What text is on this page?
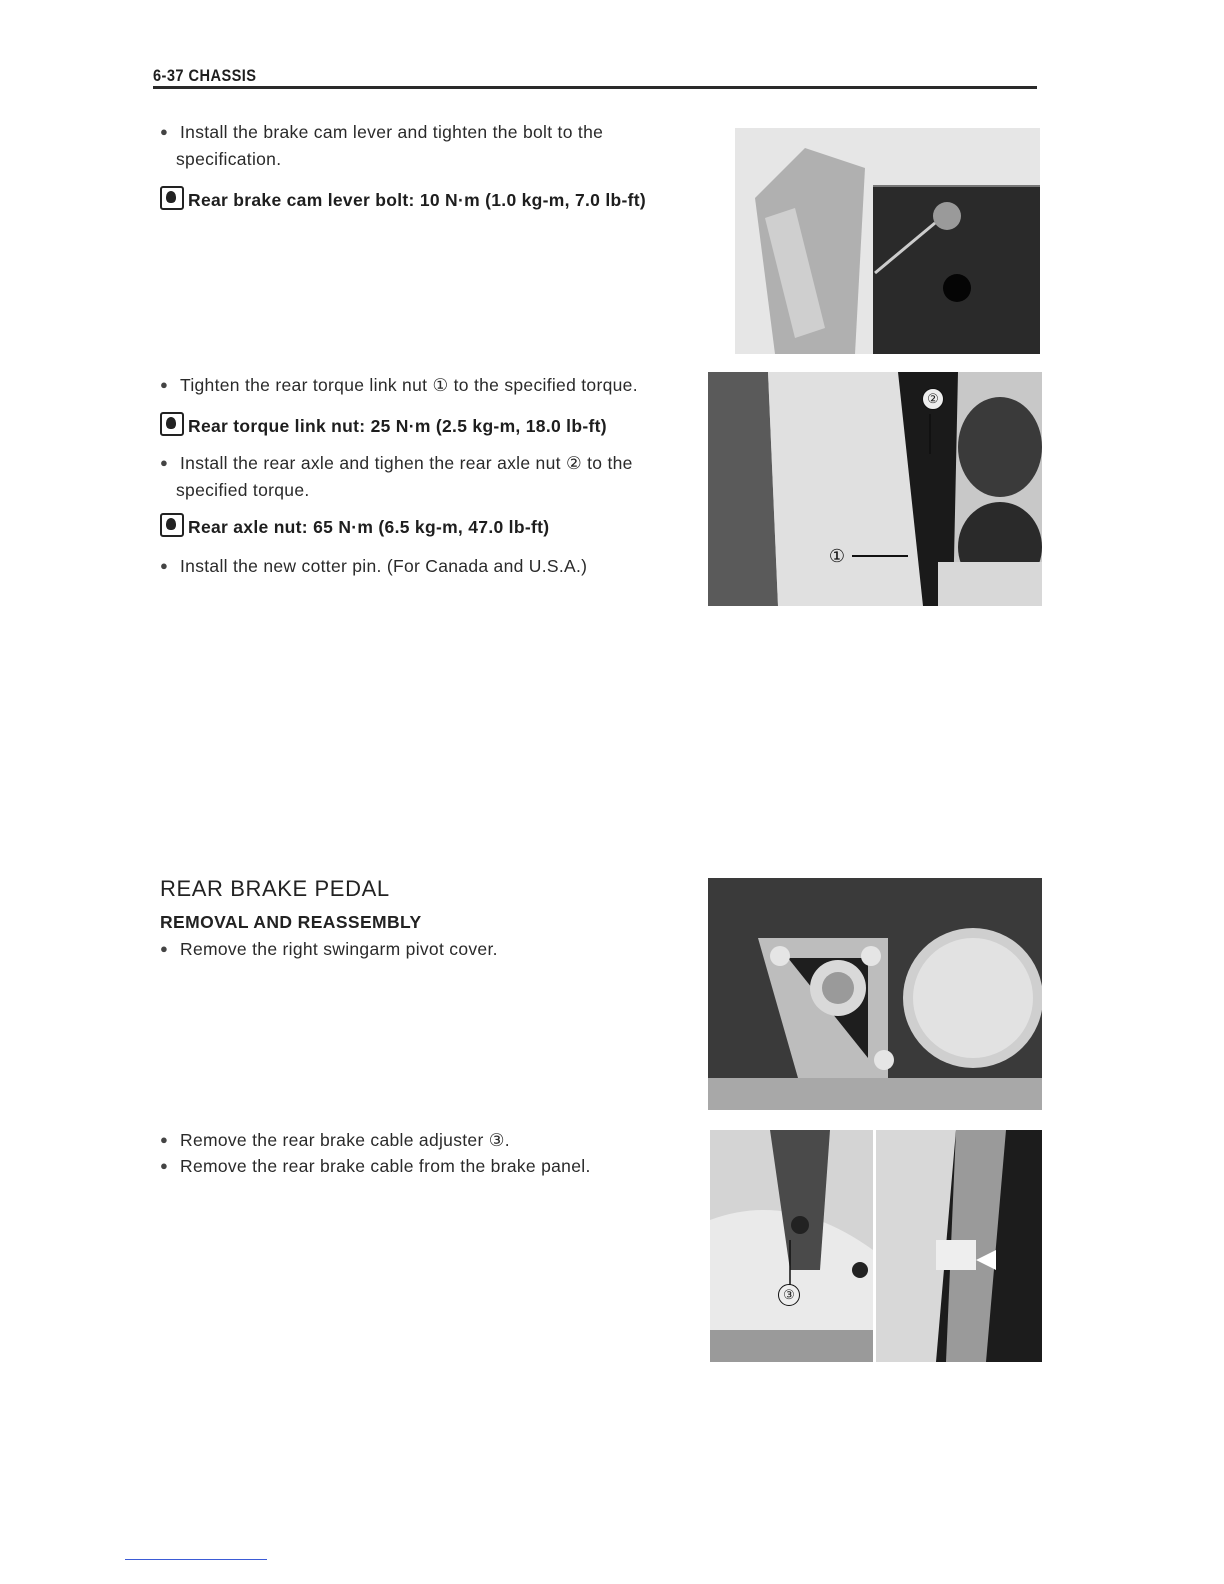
6-37 CHASSIS
● Install the brake cam lever and tighten the bolt to the
specification.
Rear brake cam lever bolt: 10 N·m (1.0 kg-m, 7.0 lb-ft)
● Tighten the rear torque link nut ① to the specified torque.
Rear torque link nut: 25 N·m (2.5 kg-m, 18.0 lb-ft)
● Install the rear axle and tighen the rear axle nut ② to the
specified torque.
Rear axle nut: 65 N·m (6.5 kg-m, 47.0 lb-ft)
● Install the new cotter pin. (For Canada and U.S.A.)
②
①
REAR BRAKE PEDAL
REMOVAL AND REASSEMBLY
● Remove the right swingarm pivot cover.
● Remove the rear brake cable adjuster ③.
● Remove the rear brake cable from the brake panel.
③
